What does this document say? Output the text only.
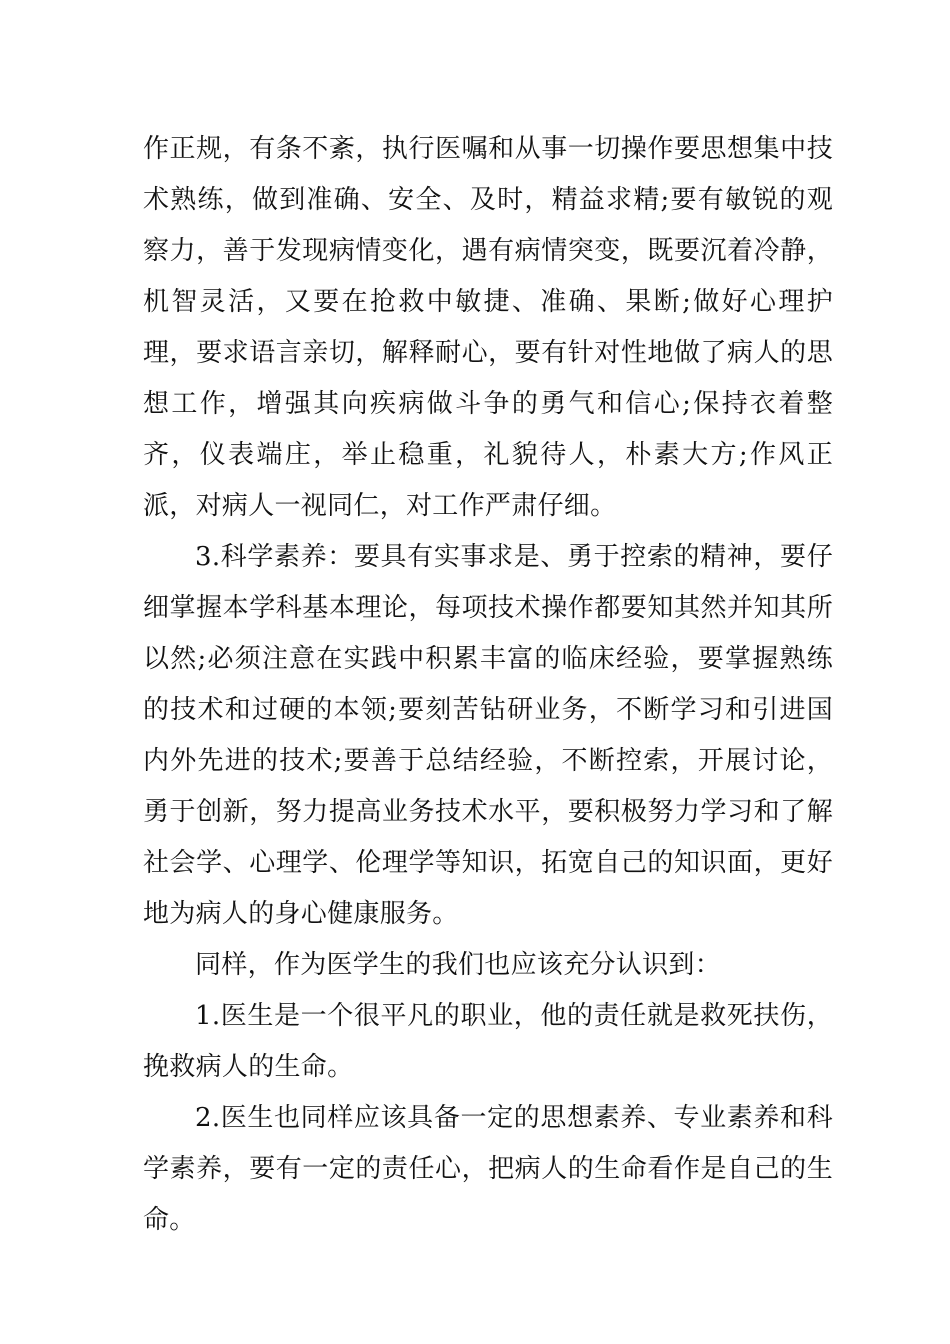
作正规，有条不紊，执行医嘱和从事一切操作要思想集中技术熟练，做到准确、安全、及时，精益求精;要有敏锐的观察力，善于发现病情变化，遇有病情突变，既要沉着冷静，机智灵活，又要在抢救中敏捷、准确、果断;做好心理护理，要求语言亲切，解释耐心，要有针对性地做了病人的思想工作，增强其向疾病做斗争的勇气和信心;保持衣着整齐，仪表端庄，举止稳重，礼貌待人，朴素大方;作风正派，对病人一视同仁，对工作严肃仔细。

3.科学素养：要具有实事求是、勇于控索的精神，要仔细掌握本学科基本理论，每项技术操作都要知其然并知其所以然;必须注意在实践中积累丰富的临床经验，要掌握熟练的技术和过硬的本领;要刻苦钻研业务，不断学习和引进国内外先进的技术;要善于总结经验，不断控索，开展讨论，勇于创新，努力提高业务技术水平，要积极努力学习和了解社会学、心理学、伦理学等知识，拓宽自己的知识面，更好地为病人的身心健康服务。

同样，作为医学生的我们也应该充分认识到：

1.医生是一个很平凡的职业，他的责任就是救死扶伤，挽救病人的生命。

2.医生也同样应该具备一定的思想素养、专业素养和科学素养，要有一定的责任心，把病人的生命看作是自己的生命。
